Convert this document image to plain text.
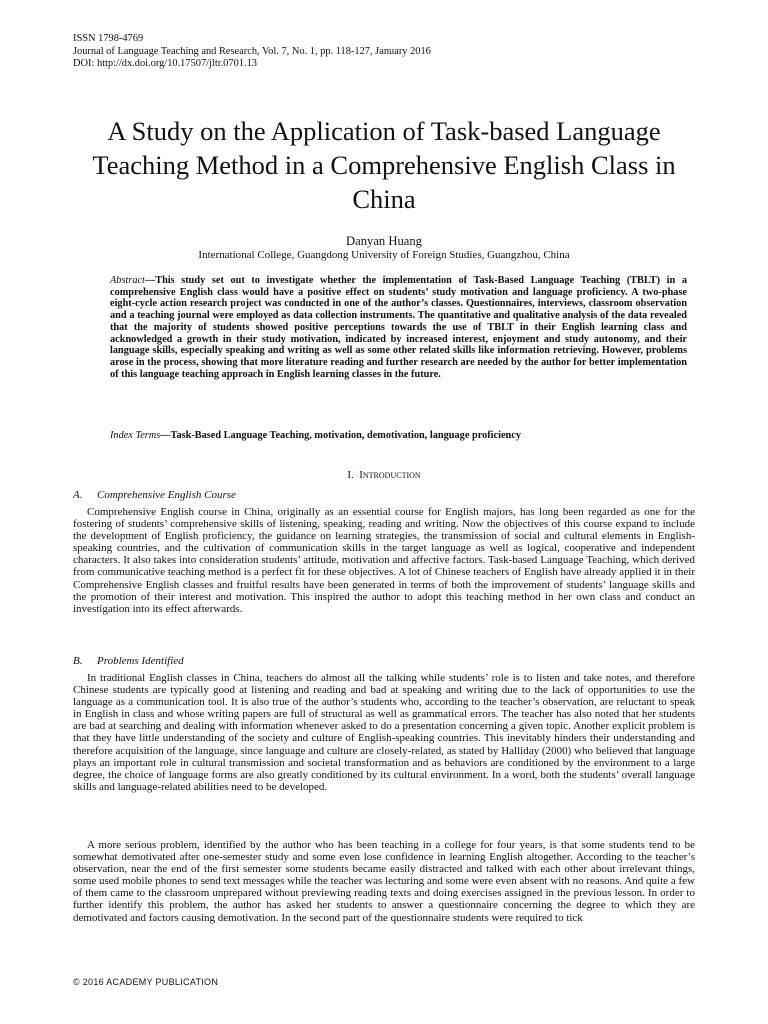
ISSN 1798-4769
Journal of Language Teaching and Research, Vol. 7, No. 1, pp. 118-127, January 2016
DOI: http://dx.doi.org/10.17507/jltr.0701.13
A Study on the Application of Task-based Language Teaching Method in a Comprehensive English Class in China
Danyan Huang
International College, Guangdong University of Foreign Studies, Guangzhou, China
Abstract—This study set out to investigate whether the implementation of Task-Based Language Teaching (TBLT) in a comprehensive English class would have a positive effect on students’ study motivation and language proficiency. A two-phase eight-cycle action research project was conducted in one of the author’s classes. Questionnaires, interviews, classroom observation and a teaching journal were employed as data collection instruments. The quantitative and qualitative analysis of the data revealed that the majority of students showed positive perceptions towards the use of TBLT in their English learning class and acknowledged a growth in their study motivation, indicated by increased interest, enjoyment and study autonomy, and their language skills, especially speaking and writing as well as some other related skills like information retrieving. However, problems arose in the process, showing that more literature reading and further research are needed by the author for better implementation of this language teaching approach in English learning classes in the future.
Index Terms—Task-Based Language Teaching, motivation, demotivation, language proficiency
I. Introduction
A. Comprehensive English Course

Comprehensive English course in China, originally as an essential course for English majors, has long been regarded as one for the fostering of students’ comprehensive skills of listening, speaking, reading and writing. Now the objectives of this course expand to include the development of English proficiency, the guidance on learning strategies, the transmission of social and cultural elements in English-speaking countries, and the cultivation of communication skills in the target language as well as logical, cooperative and independent characters. It also takes into consideration students’ attitude, motivation and affective factors. Task-based Language Teaching, which derived from communicative teaching method is a perfect fit for these objectives. A lot of Chinese teachers of English have already applied it in their Comprehensive English classes and fruitful results have been generated in terms of both the improvement of students’ language skills and the promotion of their interest and motivation. This inspired the author to adopt this teaching method in her own class and conduct an investigation into its effect afterwards.

B. Problems Identified

In traditional English classes in China, teachers do almost all the talking while students’ role is to listen and take notes, and therefore Chinese students are typically good at listening and reading and bad at speaking and writing due to the lack of opportunities to use the language as a communication tool. It is also true of the author’s students who, according to the teacher’s observation, are reluctant to speak in English in class and whose writing papers are full of structural as well as grammatical errors. The teacher has also noted that her students are bad at searching and dealing with information whenever asked to do a presentation concerning a given topic. Another explicit problem is that they have little understanding of the society and culture of English-speaking countries. This inevitably hinders their understanding and therefore acquisition of the language, since language and culture are closely-related, as stated by Halliday (2000) who believed that language plays an important role in cultural transmission and societal transformation and as behaviors are conditioned by the environment to a large degree, the choice of language forms are also greatly conditioned by its cultural environment. In a word, both the students’ overall language skills and language-related abilities need to be developed.

A more serious problem, identified by the author who has been teaching in a college for four years, is that some students tend to be somewhat demotivated after one-semester study and some even lose confidence in learning English altogether. According to the teacher’s observation, near the end of the first semester some students became easily distracted and talked with each other about irrelevant things, some used mobile phones to send text messages while the teacher was lecturing and some were even absent with no reasons. And quite a few of them came to the classroom unprepared without previewing reading texts and doing exercises assigned in the previous lesson. In order to further identify this problem, the author has asked her students to answer a questionnaire concerning the degree to which they are demotivated and factors causing demotivation. In the second part of the questionnaire students were required to tick

© 2016 ACADEMY PUBLICATION
